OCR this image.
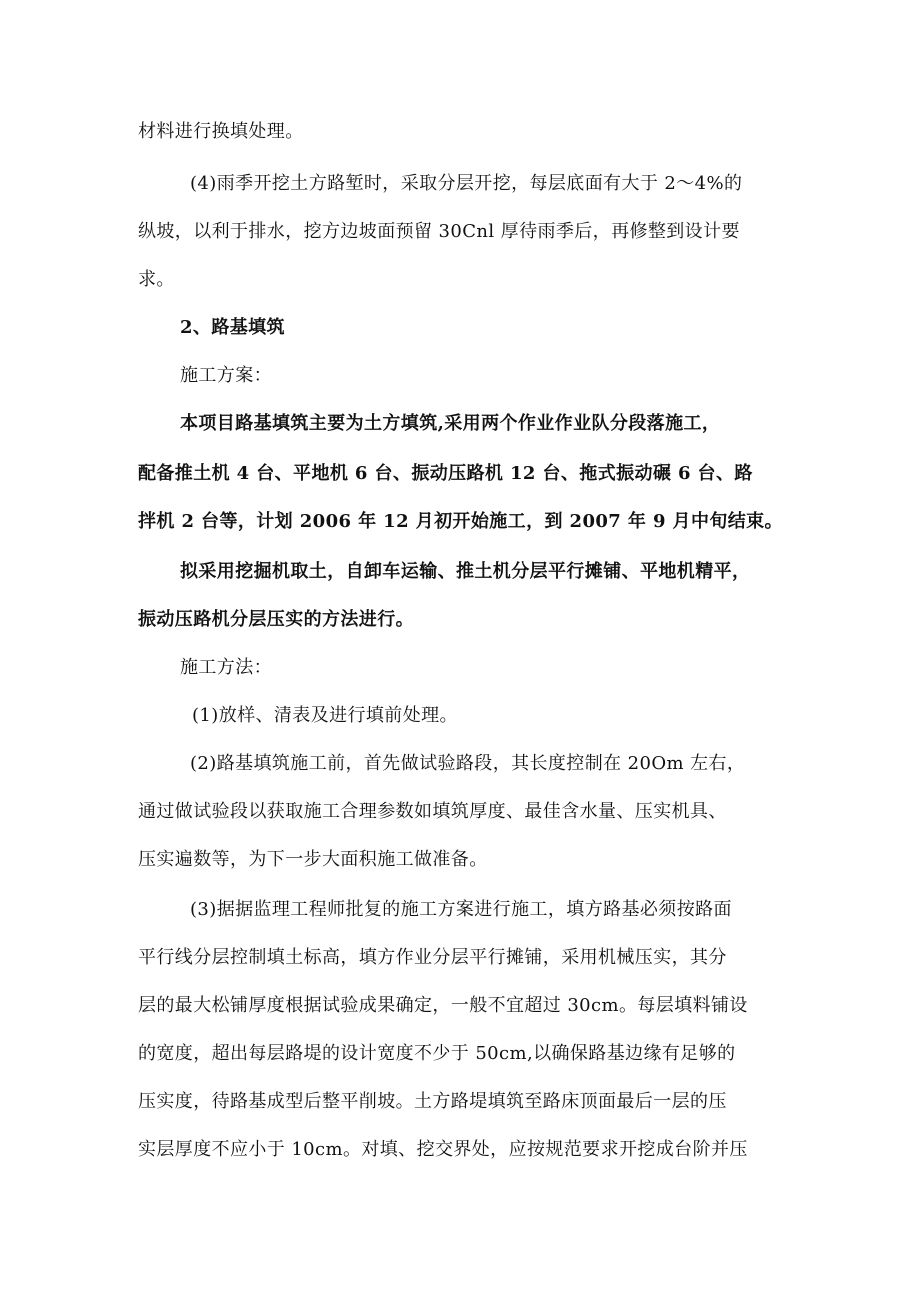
材料进行换填处理。
(4)雨季开挖土方路堑时，采取分层开挖，每层底面有大于 2～4%的
纵坡，以利于排水，挖方边坡面预留 30Cnl 厚待雨季后，再修整到设计要
求。
2、路基填筑
施工方案：
本项目路基填筑主要为土方填筑,采用两个作业作业队分段落施工，
配备推土机 4 台、平地机 6 台、振动压路机 12 台、拖式振动碾 6 台、路
拌机 2 台等，计划 2006 年 12 月初开始施工，到 2007 年 9 月中旬结束。
拟采用挖掘机取土，自卸车运输、推土机分层平行摊铺、平地机精平，
振动压路机分层压实的方法进行。
施工方法：
(1)放样、清表及进行填前处理。
(2)路基填筑施工前，首先做试验路段，其长度控制在 20Om 左右，
通过做试验段以获取施工合理参数如填筑厚度、最佳含水量、压实机具、
压实遍数等，为下一步大面积施工做准备。
(3)据据监理工程师批复的施工方案进行施工，填方路基必须按路面
平行线分层控制填土标高，填方作业分层平行摊铺，采用机械压实，其分
层的最大松铺厚度根据试验成果确定，一般不宜超过 30cm。每层填料铺设
的宽度，超出每层路堤的设计宽度不少于 50cm,以确保路基边缘有足够的
压实度，待路基成型后整平削坡。土方路堤填筑至路床顶面最后一层的压
实层厚度不应小于 10cm。对填、挖交界处，应按规范要求开挖成台阶并压
